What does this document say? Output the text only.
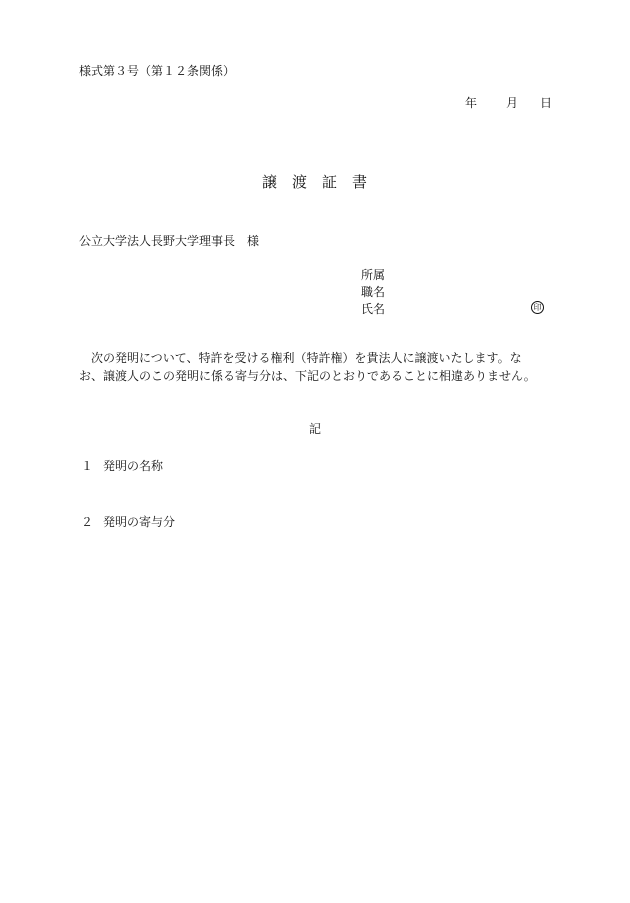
様式第３号（第１２条関係）
年 月 日
譲　渡　証　書
公立大学法人長野大学理事長　様
所属
職名
氏名	印
　次の発明について、特許を受ける権利（特許権）を貴法人に譲渡いたします。な
お、譲渡人のこの発明に係る寄与分は、下記のとおりであることに相違ありません。
記
１ 発明の名称
２ 発明の寄与分
